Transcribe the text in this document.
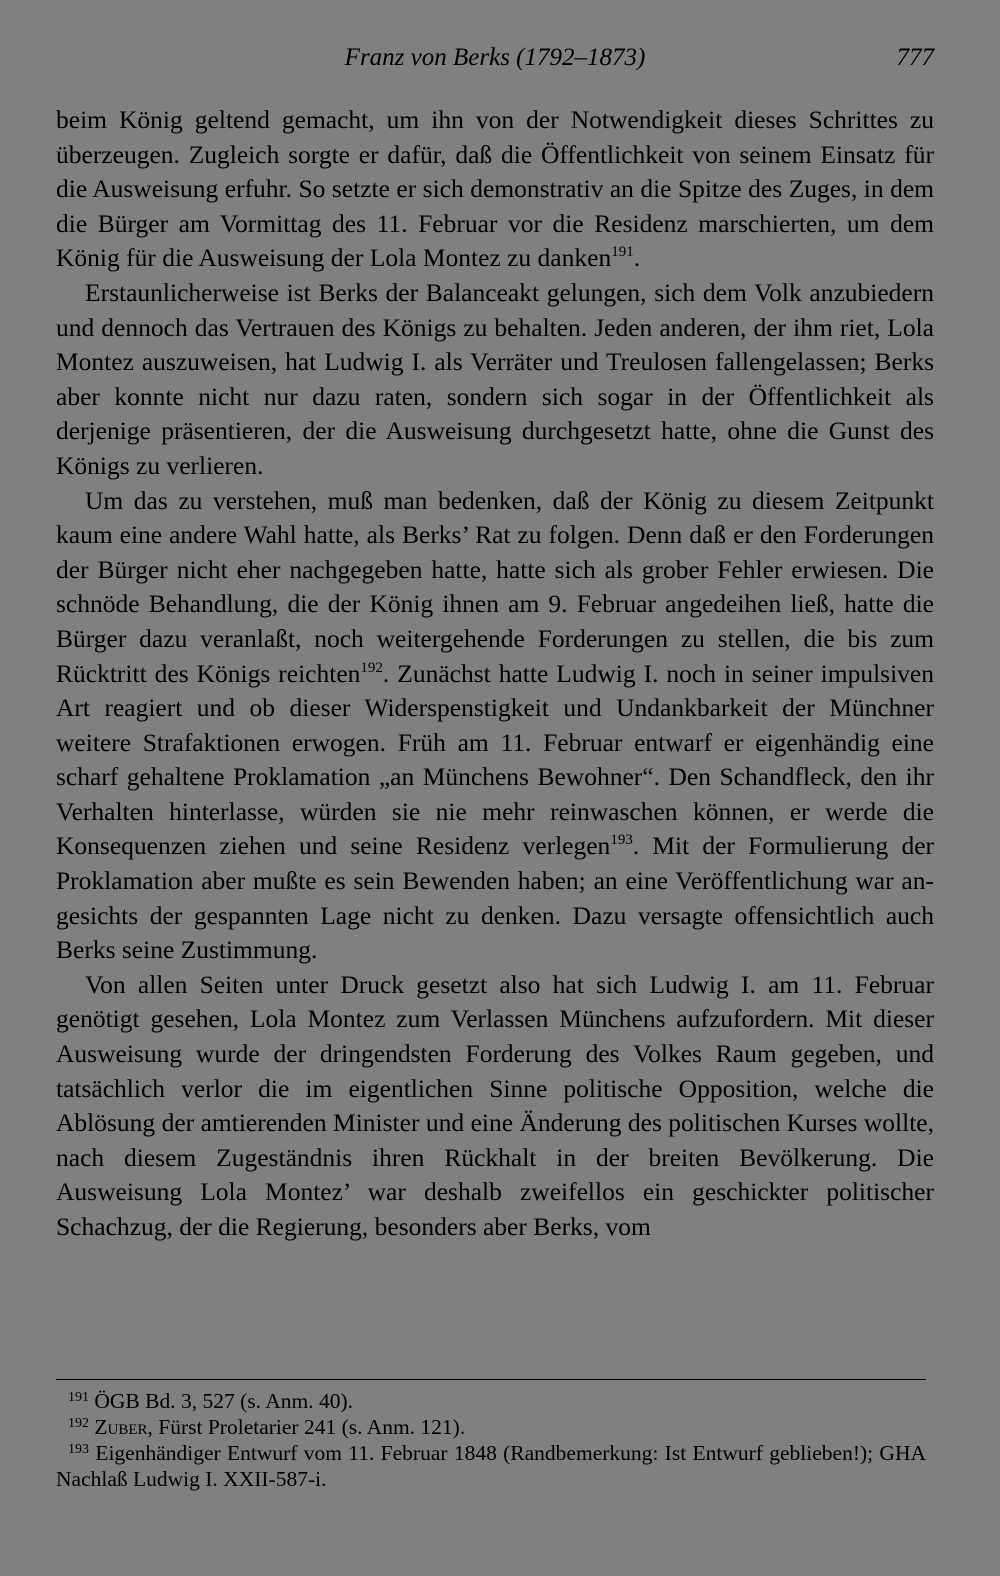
Franz von Berks (1792–1873)	777

beim König geltend gemacht, um ihn von der Notwendigkeit dieses Schrittes zu überzeugen. Zugleich sorgte er dafür, daß die Öffentlichkeit von seinem Einsatz für die Ausweisung erfuhr. So setzte er sich demonstrativ an die Spitze des Zuges, in dem die Bürger am Vormittag des 11. Februar vor die Residenz marschierten, um dem König für die Ausweisung der Lola Montez zu danken$^{191}$.

Erstaunlicherweise ist Berks der Balanceakt gelungen, sich dem Volk anzubiedern und dennoch das Vertrauen des Königs zu behalten. Jeden anderen, der ihm riet, Lola Montez auszuweisen, hat Ludwig I. als Verräter und Treulosen fallengelassen; Berks aber konnte nicht nur dazu raten, sondern sich sogar in der Öffentlichkeit als derjenige präsentieren, der die Ausweisung durchgesetzt hatte, ohne die Gunst des Königs zu verlieren.

Um das zu verstehen, muß man bedenken, daß der König zu diesem Zeitpunkt kaum eine andere Wahl hatte, als Berks’ Rat zu folgen. Denn daß er den Forderungen der Bürger nicht eher nachgegeben hatte, hatte sich als grober Fehler erwiesen. Die schnöde Behandlung, die der König ihnen am 9. Februar angedeihen ließ, hatte die Bürger dazu veranlaßt, noch weitergehende Forderungen zu stellen, die bis zum Rücktritt des Königs reichten$^{192}$. Zunächst hatte Ludwig I. noch in seiner impulsiven Art reagiert und ob dieser Widerspenstigkeit und Undankbarkeit der Münchner weitere Strafaktionen erwogen. Früh am 11. Februar entwarf er eigenhändig eine scharf gehaltene Proklamation „an Münchens Bewohner“. Den Schandfleck, den ihr Verhalten hinterlasse, würden sie nie mehr reinwaschen können, er werde die Konsequenzen ziehen und seine Residenz verlegen$^{193}$. Mit der Formulierung der Proklamation aber mußte es sein Bewenden haben; an eine Veröffentlichung war angesichts der gespannten Lage nicht zu denken. Dazu versagte offensichtlich auch Berks seine Zustimmung.

Von allen Seiten unter Druck gesetzt also hat sich Ludwig I. am 11. Februar genötigt gesehen, Lola Montez zum Verlassen Münchens aufzufordern. Mit dieser Ausweisung wurde der dringendsten Forderung des Volkes Raum gegeben, und tatsächlich verlor die im eigentlichen Sinne politische Opposition, welche die Ablösung der amtierenden Minister und eine Änderung des politischen Kurses wollte, nach diesem Zugeständnis ihren Rückhalt in der breiten Bevölkerung. Die Ausweisung Lola Montez’ war deshalb zweifellos ein geschickter politischer Schachzug, der die Regierung, besonders aber Berks, vom

$^{191}$ ÖGB Bd. 3, 527 (s. Anm. 40).

$^{192}$ Zuber, Fürst Proletarier 241 (s. Anm. 121).

$^{193}$ Eigenhändiger Entwurf vom 11. Februar 1848 (Randbemerkung: Ist Entwurf geblieben!); GHA Nachlaß Ludwig I. XXII-587-i.
